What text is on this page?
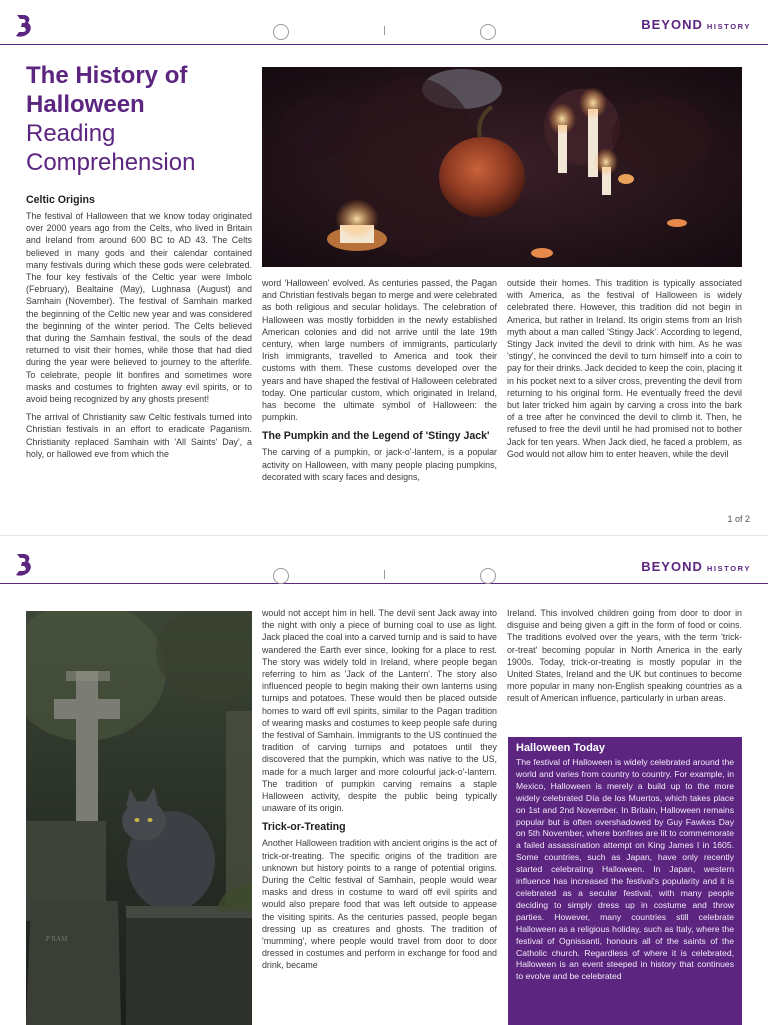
BEYOND HISTORY
The History of Halloween
Reading Comprehension
Celtic Origins

The festival of Halloween that we know today originated over 2000 years ago from the Celts, who lived in Britain and Ireland from around 600 BC to AD 43. The Celts believed in many gods and their calendar contained many festivals during which these gods were celebrated. The four key festivals of the Celtic year were Imbolc (February), Bealtaine (May), Lughnasa (August) and Samhain (November). The festival of Samhain marked the beginning of the Celtic new year and was considered the beginning of the winter period. The Celts believed that during the Samhain festival, the souls of the dead returned to visit their homes, while those that had died during the year were believed to journey to the afterlife. To celebrate, people lit bonfires and sometimes wore masks and costumes to frighten away evil spirits, or to avoid being recognized by any ghosts present!

The arrival of Christianity saw Celtic festivals turned into Christian festivals in an effort to eradicate Paganism. Christianity replaced Samhain with 'All Saints' Day', a holy, or hallowed eve from which the

word 'Halloween' evolved. As centuries passed, the Pagan and Christian festivals began to merge and were celebrated as both religious and secular holidays. The celebration of Halloween was mostly forbidden in the newly established American colonies and did not arrive until the late 19th century, when large numbers of immigrants, particularly Irish immigrants, travelled to America and took their customs with them. These customs developed over the years and have shaped the festival of Halloween celebrated today. One particular custom, which originated in Ireland, has become the ultimate symbol of Halloween: the pumpkin.

The Pumpkin and the Legend of 'Stingy Jack'

The carving of a pumpkin, or jack-o'-lantern, is a popular activity on Halloween, with many people placing pumpkins, decorated with scary faces and designs,

outside their homes. This tradition is typically associated with America, as the festival of Halloween is widely celebrated there. However, this tradition did not begin in America, but rather in Ireland. Its origin stems from an Irish myth about a man called 'Stingy Jack'. According to legend, Stingy Jack invited the devil to drink with him. As he was 'stingy', he convinced the devil to turn himself into a coin to pay for their drinks. Jack decided to keep the coin, placing it in his pocket next to a silver cross, preventing the devil from returning to his original form. He eventually freed the devil but later tricked him again by carving a cross into the bark of a tree after he convinced the devil to climb it. Then, he refused to free the devil until he had promised not to bother Jack for ten years. When Jack died, he faced a problem, as God would not allow him to enter heaven, while the devil

1 of 2
BEYOND HISTORY
P RAM

would not accept him in hell. The devil sent Jack away into the night with only a piece of burning coal to use as light. Jack placed the coal into a carved turnip and is said to have wandered the Earth ever since, looking for a place to rest. The story was widely told in Ireland, where people began referring to him as 'Jack of the Lantern'. The story also influenced people to begin making their own lanterns using turnips and potatoes. These would then be placed outside homes to ward off evil spirits, similar to the Pagan tradition of wearing masks and costumes to keep people safe during the festival of Samhain. Immigrants to the US continued the tradition of carving turnips and potatoes until they discovered that the pumpkin, which was native to the US, made for a much larger and more colourful jack-o'-lantern. The tradition of pumpkin carving remains a staple Halloween activity, despite the public being typically unaware of its origin.

Trick-or-Treating

Another Halloween tradition with ancient origins is the act of trick-or-treating. The specific origins of the tradition are unknown but history points to a range of potential origins. During the Celtic festival of Samhain, people would wear masks and dress in costume to ward off evil spirits and would also prepare food that was left outside to appease the visiting spirits. As the centuries passed, people began dressing up as creatures and ghosts. The tradition of 'mumming', where people would travel from door to door dressed in costumes and perform in exchange for food and drink, became

Ireland. This involved children going from door to door in disguise and being given a gift in the form of food or coins. The traditions evolved over the years, with the term 'trick-or-treat' becoming popular in North America in the early 1900s. Today, trick-or-treating is mostly popular in the United States, Ireland and the UK but continues to become more popular in many non-English speaking countries as a result of American influence, particularly in urban areas.

Halloween Today
The festival of Halloween is widely celebrated around the world and varies from country to country. For example, in Mexico, Halloween is merely a build up to the more widely celebrated Día de los Muertos, which takes place on 1st and 2nd November. In Britain, Halloween remains popular but is often overshadowed by Guy Fawkes Day on 5th November, where bonfires are lit to commemorate a failed assassination attempt on King James I in 1605. Some countries, such as Japan, have only recently started celebrating Halloween. In Japan, western influence has increased the festival's popularity and it is celebrated as a secular festival, with many people deciding to simply dress up in costume and throw parties. However, many countries still celebrate Halloween as a religious holiday, such as Italy, where the festival of Ognissanti, honours all of the saints of the Catholic church. Regardless of where it is celebrated, Halloween is an event steeped in history that continues to evolve and be celebrated
